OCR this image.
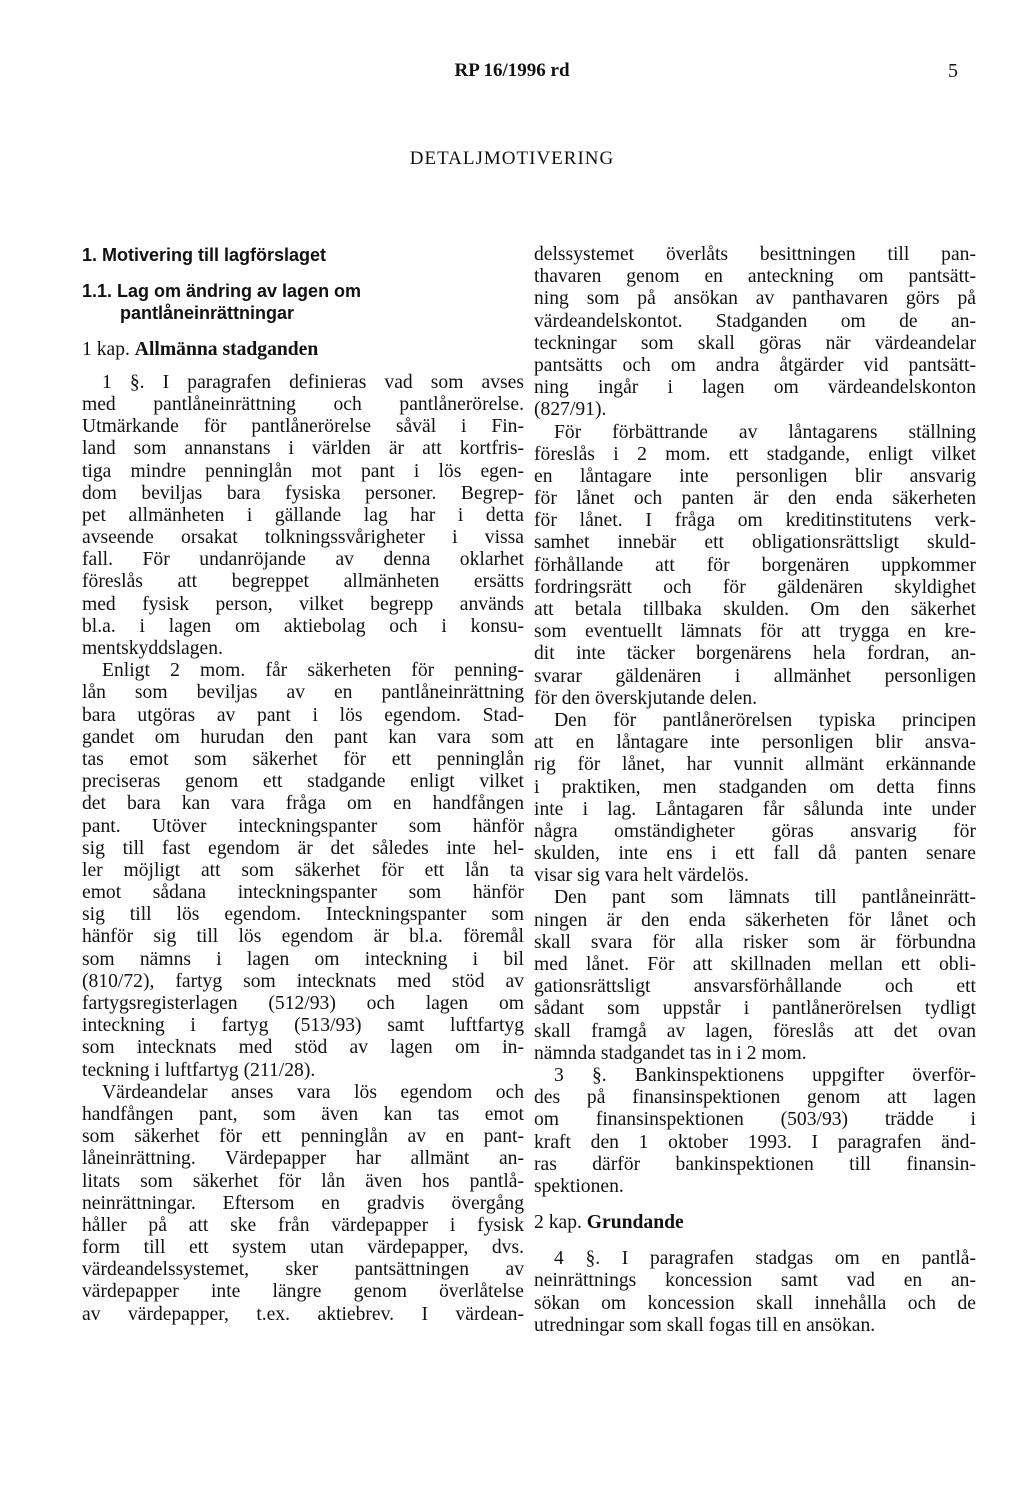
RP 16/1996 rd	5
DETALJMOTIVERING
1. Motivering till lagförslaget
1.1. Lag om ändring av lagen om
pantlåneinrättningar
1 kap. Allmänna stadganden
1 §. I paragrafen definieras vad som avses
med pantlåneinrättning och pantlånerörelse.
Utmärkande för pantlånerörelse såväl i Fin-
land som annanstans i världen är att kortfris-
tiga mindre penninglån mot pant i lös egen-
dom beviljas bara fysiska personer. Begrep-
pet allmänheten i gällande lag har i detta
avseende orsakat tolkningssvårigheter i vissa
fall. För undanröjande av denna oklarhet
föreslås att begreppet allmänheten ersätts
med fysisk person, vilket begrepp används
bl.a. i lagen om aktiebolag och i konsu-
mentskyddslagen.
Enligt 2 mom. får säkerheten för penning-
lån som beviljas av en pantlåneinrättning
bara utgöras av pant i lös egendom. Stad-
gandet om hurudan den pant kan vara som
tas emot som säkerhet för ett penninglån
preciseras genom ett stadgande enligt vilket
det bara kan vara fråga om en handfången
pant. Utöver inteckningspanter som hänför
sig till fast egendom är det således inte hel-
ler möjligt att som säkerhet för ett lån ta
emot sådana inteckningspanter som hänför
sig till lös egendom. Inteckningspanter som
hänför sig till lös egendom är bl.a. föremål
som nämns i lagen om inteckning i bil
(810/72), fartyg som intecknats med stöd av
fartygsregisterlagen (512/93) och lagen om
inteckning i fartyg (513/93) samt luftfartyg
som intecknats med stöd av lagen om in-
teckning i luftfartyg (211/28).
Värdeandelar anses vara lös egendom och
handfången pant, som även kan tas emot
som säkerhet för ett penninglån av en pant-
låneinrättning. Värdepapper har allmänt an-
litats som säkerhet för lån även hos pantlå-
neinrättningar. Eftersom en gradvis övergång
håller på att ske från värdepapper i fysisk
form till ett system utan värdepapper, dvs.
värdeandelssystemet, sker pantsättningen av
värdepapper inte längre genom överlåtelse
av värdepapper, t.ex. aktiebrev. I värdean-
delssystemet överlåts besittningen till pan-
thavaren genom en anteckning om pantsätt-
ning som på ansökan av panthavaren görs på
värdeandelskontot. Stadganden om de an-
teckningar som skall göras när värdeandelar
pantsätts och om andra åtgärder vid pantsätt-
ning ingår i lagen om värdeandelskonton
(827/91).
För förbättrande av låntagarens ställning
föreslås i 2 mom. ett stadgande, enligt vilket
en låntagare inte personligen blir ansvarig
för lånet och panten är den enda säkerheten
för lånet. I fråga om kreditinstitutens verk-
samhet innebär ett obligationsrättsligt skuld-
förhållande att för borgenären uppkommer
fordringsrätt och för gäldenären skyldighet
att betala tillbaka skulden. Om den säkerhet
som eventuellt lämnats för att trygga en kre-
dit inte täcker borgenärens hela fordran, an-
svarar gäldenären i allmänhet personligen
för den överskjutande delen.
Den för pantlånerörelsen typiska principen
att en låntagare inte personligen blir ansva-
rig för lånet, har vunnit allmänt erkännande
i praktiken, men stadganden om detta finns
inte i lag. Låntagaren får sålunda inte under
några omständigheter göras ansvarig för
skulden, inte ens i ett fall då panten senare
visar sig vara helt värdelös.
Den pant som lämnats till pantlåneinrätt-
ningen är den enda säkerheten för lånet och
skall svara för alla risker som är förbundna
med lånet. För att skillnaden mellan ett obli-
gationsrättsligt ansvarsförhållande och ett
sådant som uppstår i pantlånerörelsen tydligt
skall framgå av lagen, föreslås att det ovan
nämnda stadgandet tas in i 2 mom.
3 §. Bankinspektionens uppgifter överför-
des på finansinspektionen genom att lagen
om finansinspektionen (503/93) trädde i
kraft den 1 oktober 1993. I paragrafen änd-
ras därför bankinspektionen till finansin-
spektionen.
2 kap. Grundande
4 §. I paragrafen stadgas om en pantlå-
neinrättnings koncession samt vad en an-
sökan om koncession skall innehålla och de
utredningar som skall fogas till en ansökan.
